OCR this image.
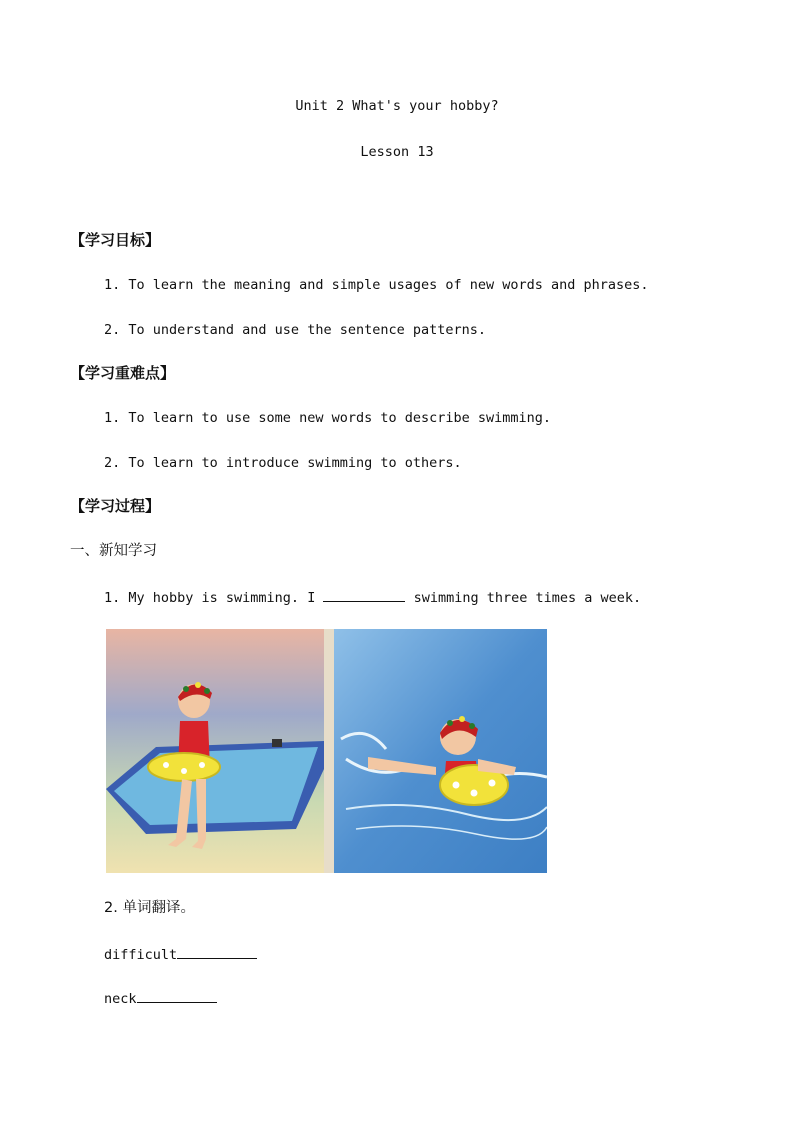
Unit 2 What's your hobby?
Lesson 13
【学习目标】
1. To learn the meaning and simple usages of new words and phrases.
2. To understand and use the sentence patterns.
【学习重难点】
1. To learn to use some new words to describe swimming.
2. To learn to introduce swimming to others.
【学习过程】
一、新知学习
1. My hobby is swimming. I	swimming three times a week.
2. 单词翻译。
difficult
neck
